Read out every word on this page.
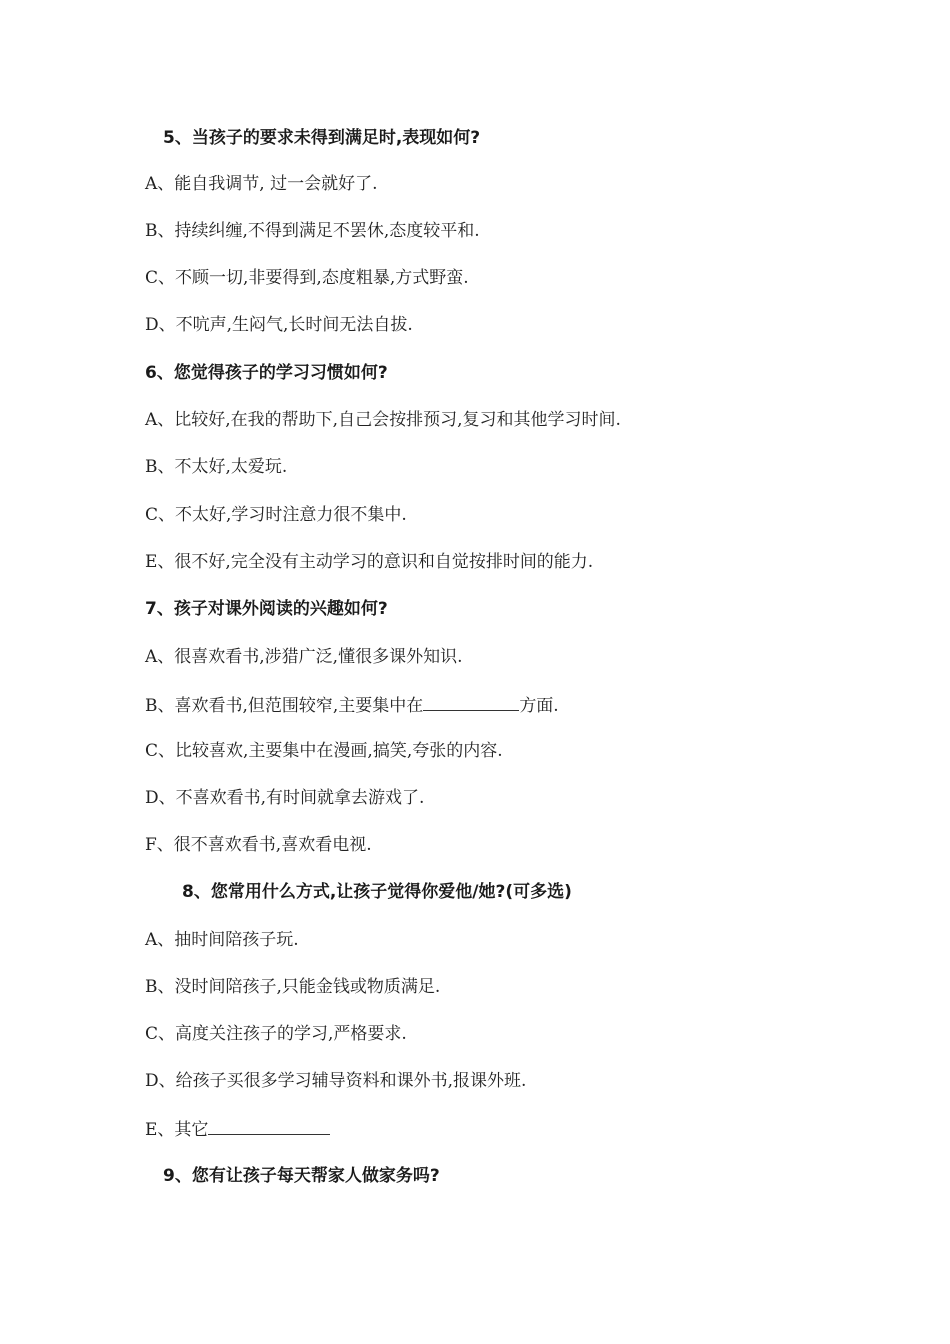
5、当孩子的要求未得到满足时,表现如何?
A、能自我调节, 过一会就好了.
B、持续纠缠,不得到满足不罢休,态度较平和.
C、不顾一切,非要得到,态度粗暴,方式野蛮.
D、不吭声,生闷气,长时间无法自拔.
6、您觉得孩子的学习习惯如何?
A、比较好,在我的帮助下,自己会按排预习,复习和其他学习时间.
B、不太好,太爱玩.
C、不太好,学习时注意力很不集中.
E、很不好,完全没有主动学习的意识和自觉按排时间的能力.
7、孩子对课外阅读的兴趣如何?
A、很喜欢看书,涉猎广泛,懂很多课外知识.
B、喜欢看书,但范围较窄,主要集中在	方面.
C、比较喜欢,主要集中在漫画,搞笑,夸张的内容.
D、不喜欢看书,有时间就拿去游戏了.
F、很不喜欢看书,喜欢看电视.
8、您常用什么方式,让孩子觉得你爱他/她?(可多选)
A、抽时间陪孩子玩.
B、没时间陪孩子,只能金钱或物质满足.
C、高度关注孩子的学习,严格要求.
D、给孩子买很多学习辅导资料和课外书,报课外班.
E、其它
9、您有让孩子每天帮家人做家务吗?
